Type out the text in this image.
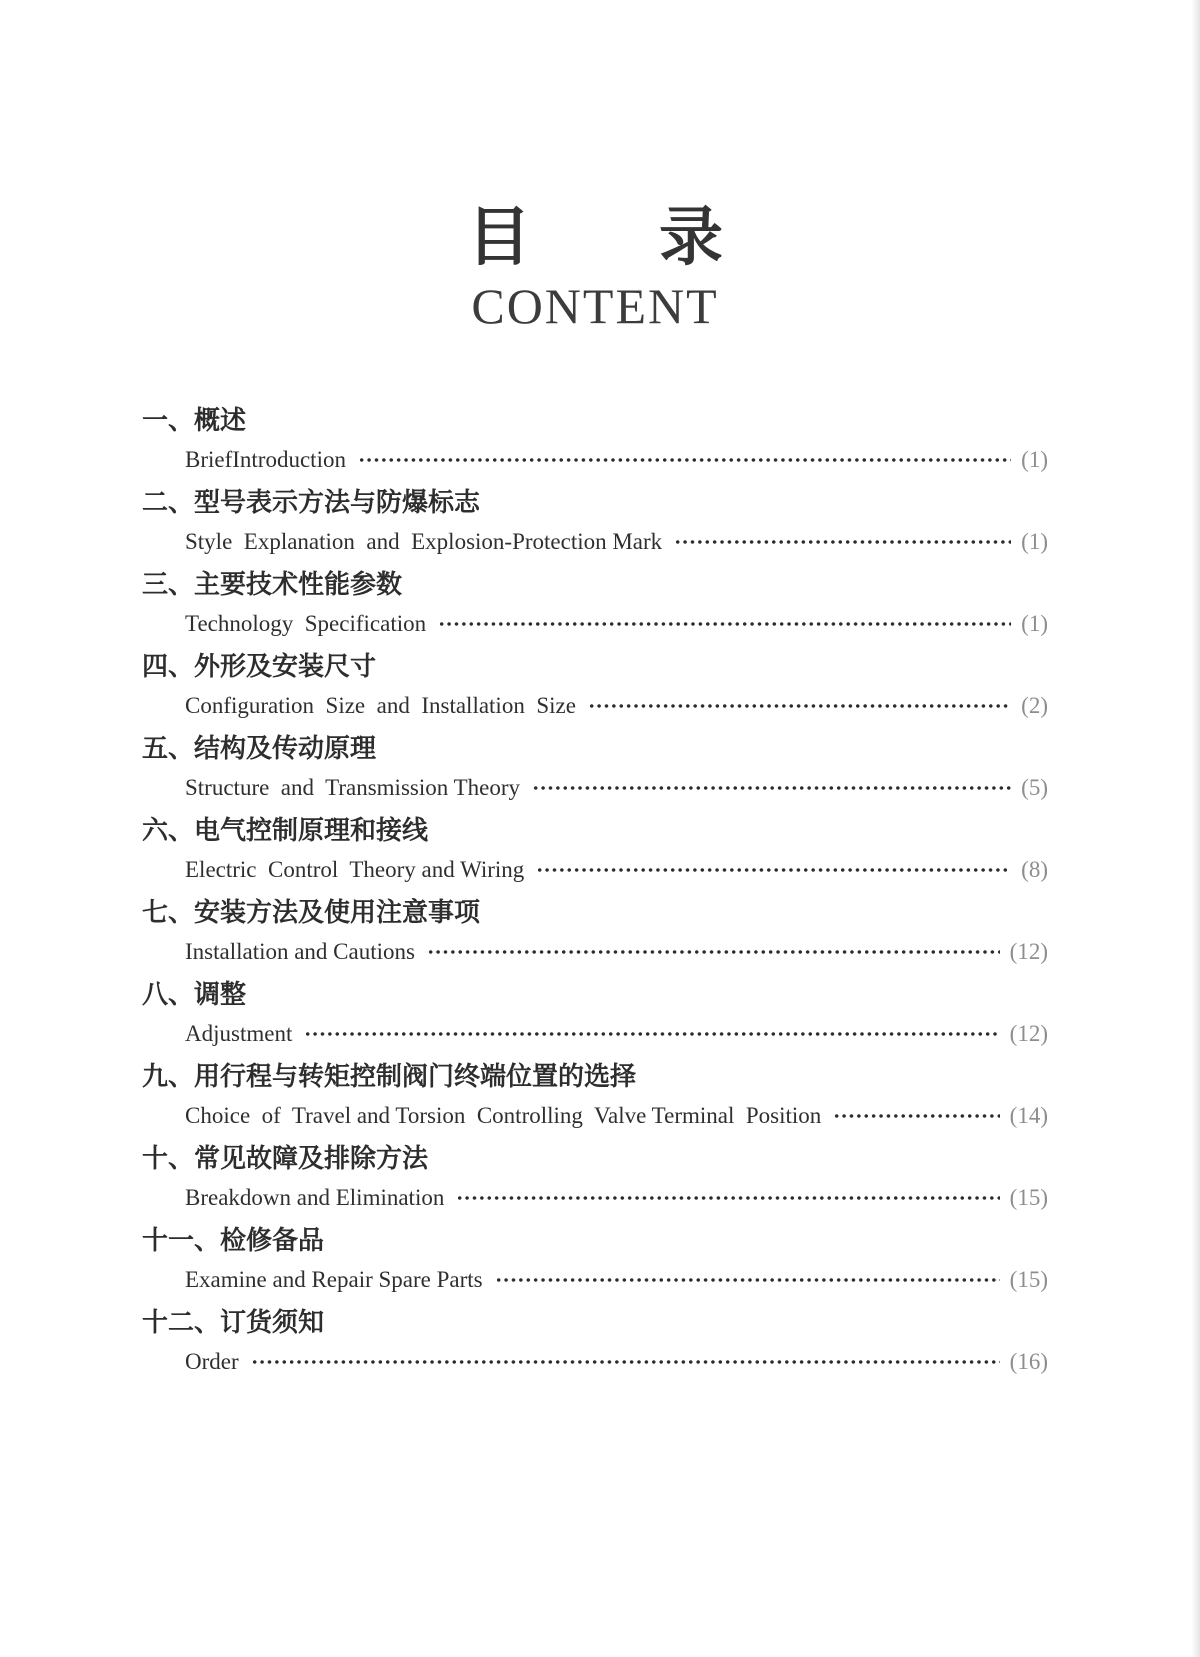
目　　录
CONTENT
一、概述
BriefIntroduction	(1)
二、型号表示方法与防爆标志
Style  Explanation  and  Explosion-Protection Mark	(1)
三、主要技术性能参数
Technology  Specification	(1)
四、外形及安装尺寸
Configuration  Size  and  Installation  Size	(2)
五、结构及传动原理
Structure  and  Transmission Theory	(5)
六、电气控制原理和接线
Electric  Control  Theory and Wiring	(8)
七、安装方法及使用注意事项
Installation and Cautions	(12)
八、调整
Adjustment	(12)
九、用行程与转矩控制阀门终端位置的选择
Choice  of  Travel and Torsion  Controlling  Valve Terminal  Position	(14)
十、常见故障及排除方法
Breakdown and Elimination	(15)
十一、检修备品
Examine and Repair Spare Parts	(15)
十二、订货须知
Order	(16)
